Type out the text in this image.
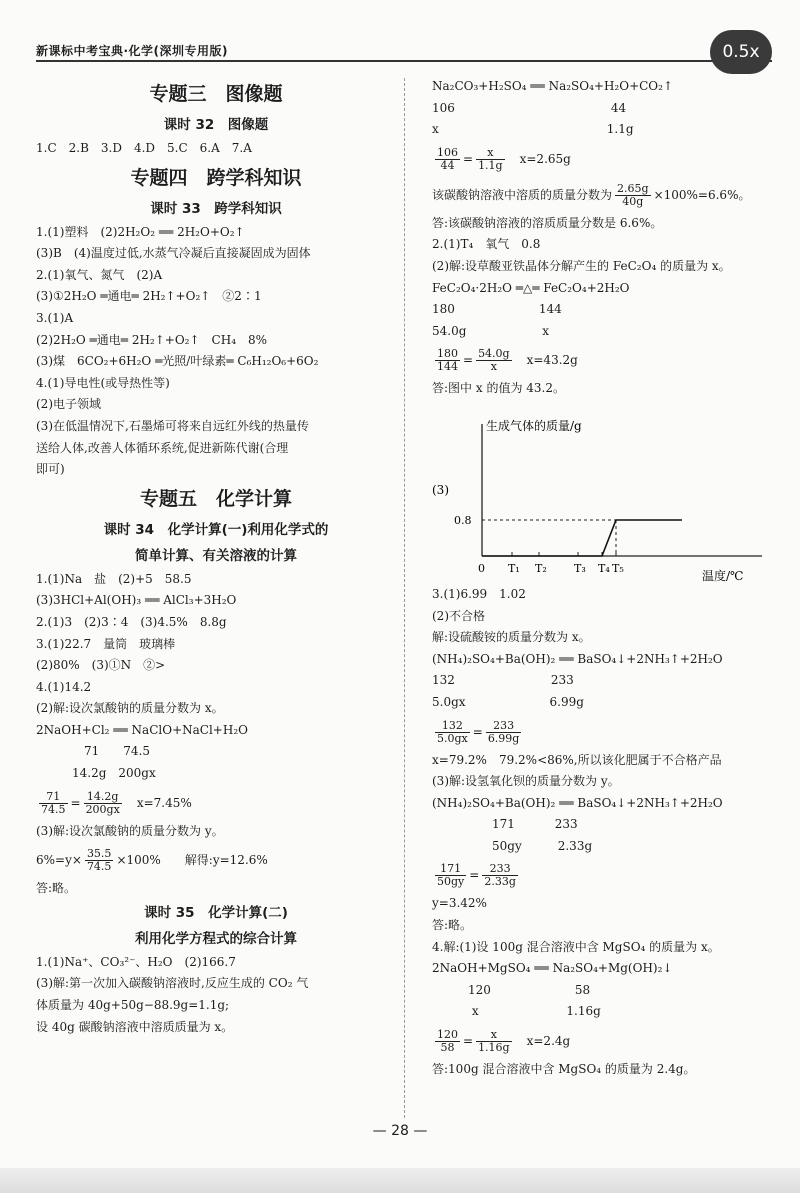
新课标中考宝典·化学(深圳专用版)	0.5x
专题三　图像题
课时 32　图像题
1.C　2.B　3.D　4.D　5.C　6.A　7.A
专题四　跨学科知识
课时 33　跨学科知识
1.(1)塑料　(2)2H₂O₂ ══ 2H₂O+O₂↑
(3)B　(4)温度过低,水蒸气冷凝后直接凝固成为固体
2.(1)氧气、氮气　(2)A
(3)①2H₂O ═通电═ 2H₂↑+O₂↑　②2∶1
3.(1)A
(2)2H₂O ═通电═ 2H₂↑+O₂↑　CH₄　8%
(3)煤　6CO₂+6H₂O ═光照/叶绿素═ C₆H₁₂O₆+6O₂
4.(1)导电性(或导热性等)
(2)电子领域
(3)在低温情况下,石墨烯可将来自远红外线的热量传
送给人体,改善人体循环系统,促进新陈代谢(合理
即可)
专题五　化学计算
课时 34　化学计算(一)利用化学式的
简单计算、有关溶液的计算
1.(1)Na　盐　(2)+5　58.5
(3)3HCl+Al(OH)₃ ══ AlCl₃+3H₂O
2.(1)3　(2)3∶4　(3)4.5%　8.8g
3.(1)22.7　量筒　玻璃棒
(2)80%　(3)①N　②>
4.(1)14.2
(2)解:设次氯酸钠的质量分数为 x。
2NaOH+Cl₂ ══ NaClO+NaCl+H₂O
　　　　71　　74.5
　　　14.2g　200gx
$\frac{71}{74.5} = \frac{14.2g}{200gx}$ 　x=7.45%
(3)解:设次氯酸钠的质量分数为 y。
$6\%=y\times \frac{35.5}{74.5} \times 100\%$　　解得:y=12.6%
答:略。
课时 35　化学计算(二)
利用化学方程式的综合计算
1.(1)Na⁺、CO₃²⁻、H₂O　(2)166.7
(3)解:第一次加入碳酸钠溶液时,反应生成的 CO₂ 气
体质量为 40g+50g−88.9g=1.1g;
设 40g 碳酸钠溶液中溶质质量为 x。
Na₂CO₃+H₂SO₄ ══ Na₂SO₄+H₂O+CO₂↑
106　　　　　　　　　　　　　44
x　　　　　　　　　　　　　　1.1g
$\frac{106}{44} = \frac{x}{1.1g}$ 　x=2.65g
该碳酸钠溶液中溶质的质量分数为 $\frac{2.65g}{40g} \times 100\%=6.6\%$。
答:该碳酸钠溶液的溶质质量分数是 6.6%。
2.(1)T₄　氧气　0.8
(2)解:设草酸亚铁晶体分解产生的 FeC₂O₄ 的质量为 x。
FeC₂O₄·2H₂O ═△═ FeC₂O₄+2H₂O
180　　　　　　　144
54.0g　　　　　　 x
$\frac{180}{144} = \frac{54.0g}{x}$ 　x=43.2g
答:图中 x 的值为 43.2。
生成气体的质量/g
温度/℃
(3)
0 T₁ T₂ T₃ T₄ T₅
0.8
3.(1)6.99　1.02
(2)不合格
解:设硫酸铵的质量分数为 x。
(NH₄)₂SO₄+Ba(OH)₂ ══ BaSO₄↓+2NH₃↑+2H₂O
132　　　　　　　　233
5.0gx　　　　　　　6.99g
$\frac{132}{5.0gx} = \frac{233}{6.99g}$
x=79.2%　79.2%<86%,所以该化肥属于不合格产品
(3)解:设氢氧化钡的质量分数为 y。
(NH₄)₂SO₄+Ba(OH)₂ ══ BaSO₄↓+2NH₃↑+2H₂O
　　　　　171　　　 233
　　　　　50gy　　　2.33g
$\frac{171}{50gy} = \frac{233}{2.33g}$
y=3.42%
答:略。
4.解:(1)设 100g 混合溶液中含 MgSO₄ 的质量为 x。
2NaOH+MgSO₄ ══ Na₂SO₄+Mg(OH)₂↓
　　　120　　　　　　　58
　　　 x　　　　　　　 1.16g
$\frac{120}{58} = \frac{x}{1.16g}$ 　x=2.4g
答:100g 混合溶液中含 MgSO₄ 的质量为 2.4g。
— 28 —
